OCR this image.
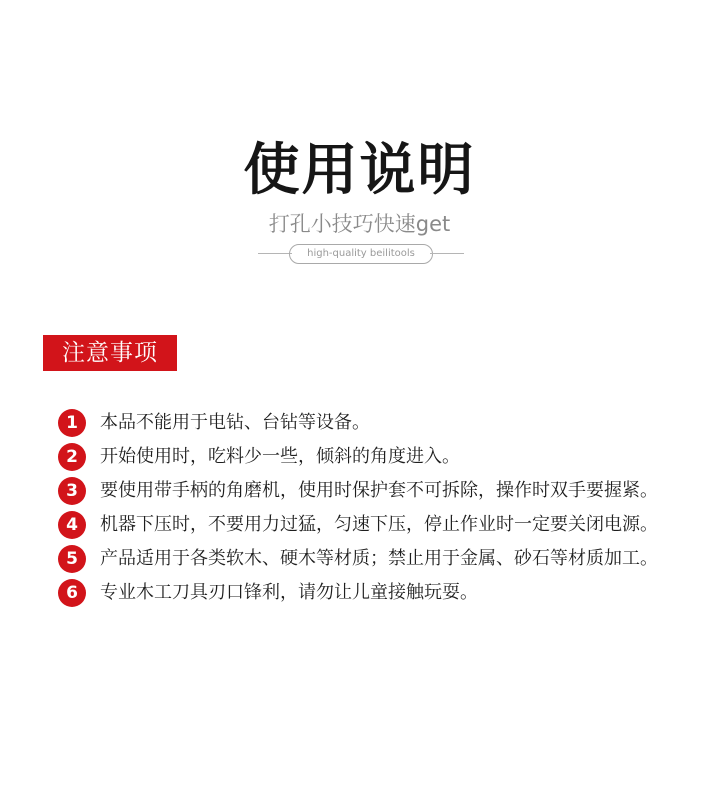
使用说明
打孔小技巧快速get
high-quality beilitools
注意事项
1	本品不能用于电钻、台钻等设备。
2	开始使用时，吃料少一些，倾斜的角度进入。
3	要使用带手柄的角磨机，使用时保护套不可拆除，操作时双手要握紧。
4	机器下压时，不要用力过猛，匀速下压，停止作业时一定要关闭电源。
5	产品适用于各类软木、硬木等材质；禁止用于金属、砂石等材质加工。
6	专业木工刀具刃口锋利，请勿让儿童接触玩耍。
